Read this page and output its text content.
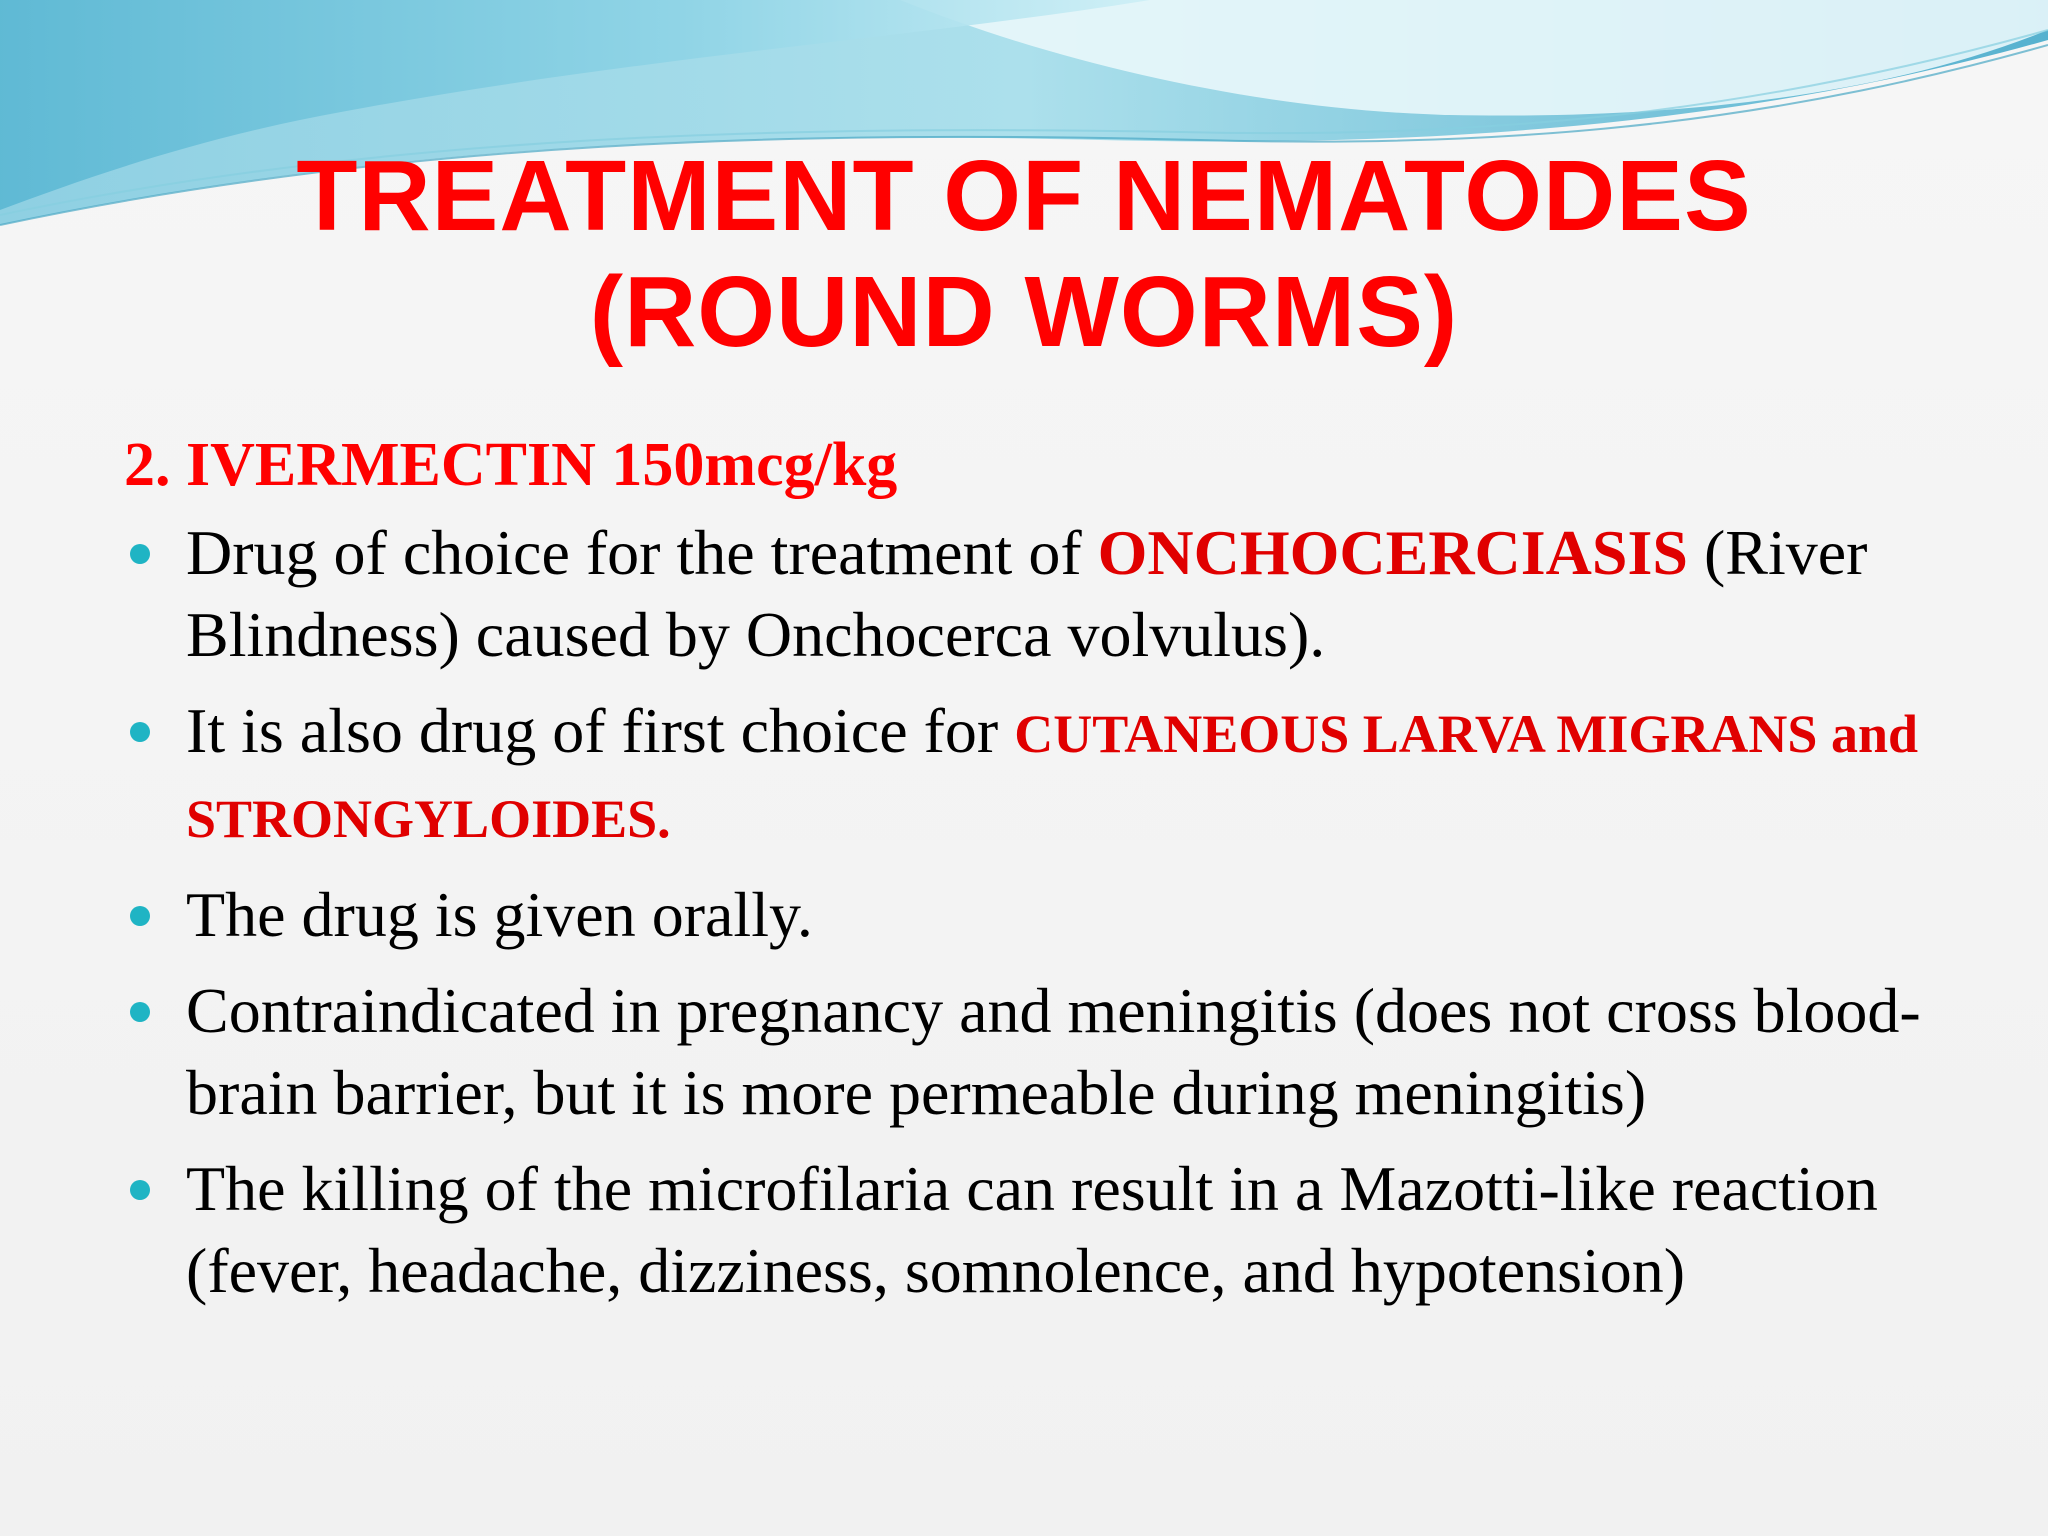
TREATMENT OF NEMATODES
(ROUND WORMS)
2. IVERMECTIN 150mcg/kg
Drug of choice for the treatment of ONCHOCERCIASIS (River Blindness) caused by Onchocerca volvulus).
It is also drug of first choice for CUTANEOUS LARVA MIGRANS and STRONGYLOIDES.
The drug is given orally.
Contraindicated in pregnancy and meningitis (does not cross blood-brain barrier, but it is more permeable during meningitis)
The killing of the microfilaria can result in a Mazotti-like reaction (fever, headache, dizziness, somnolence, and hypotension)
